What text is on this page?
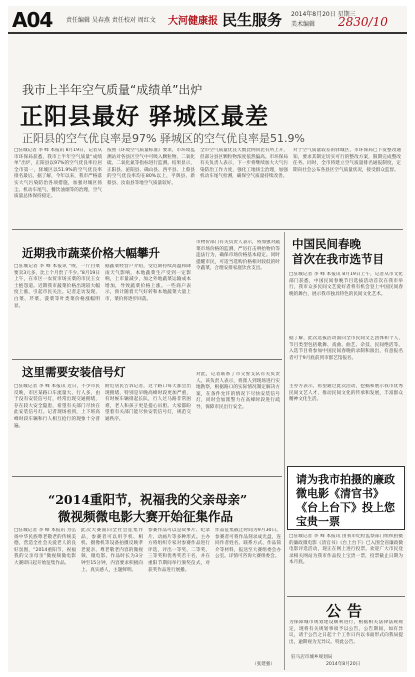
A04 责任编辑 吴春燕 责任校对 周红文 大河健康报 民生服务 2014年8月20日 星期三
美术编辑 2830/10
我市上半年空气质量“成绩单”出炉
正阳县最好 驿城区最差
正阳县的空气优良率是97% 驿城区的空气优良率是51.9%
□驻城记者 李 峰 本报讯 8月19日，记者从市环保局获悉，我市上半年空气质量“成绩单”出炉，正阳县以97%的空气优良率位居全市第一，驿城区以51.9%的空气优良率排名最后。据了解，今年以来，我市严格落实大气污染防治各项措施，加强对城区扬尘、机动车尾气、餐饮油烟等的治理，空气质量总体保持稳定。
按照《环境空气质量标准》要求，市环境监测站对各县区空气中可吸入颗粒物、二氧化硫、二氧化氮等指标进行监测。结果显示，正阳县、泌阳县、确山县、西平县、上蔡县的空气优良率均在80%以上，平舆县、新蔡县、汝南县等地空气质量较好。
全市空气质量优良天数比例同比有所上升，但部分县区颗粒物浓度依然偏高。市环保局有关负责人表示，下一步将继续加大大气污染防治工作力度，强化工地扬尘治理，加强机动车尾气检测，确保空气质量持续改善。
对于空气质量较差的驿城区，市环保局已下发整改通知，要求其制定切实可行的整改方案，限期完成整改任务。同时，全市将建立空气质量排名通报制度，定期向社会公布各县区空气质量状况，接受群众监督。
近期我市蔬菜价格大幅攀升
□驻城记者 李 峰 本报讯 “唉，一斤白菜要卖3元多，比上个月贵了不少。”8月19日上午，在市区一农贸市场买菜的市民王女士抱怨道。近期我市蔬菜价格出现较大幅度上涨，引起市民关注。记者走访发现，白菜、芹菜、菠菜等叶类菜价格涨幅明显。
据蔬菜经营户介绍，受近期持续高温和降雨天气影响，本地蔬菜生产受到一定影响，上市量减少，加之外地蔬菜运输成本增加，导致蔬菜价格上涨。一些商户表示，预计随着天气好转和本地蔬菜大量上市，菜价将逐步回落。
市物价部门有关负责人表示，将加强对蔬菜市场价格的监测，严厉打击哄抬物价等违法行为，确保市场价格基本稳定。同时提醒市民，可适当选购价格相对较低的时令蔬菜，合理安排家庭饮食支出。
中国民间春晚
首次在我市选节目
□驻城记者 李 峰 本报讯 8月19日上午，记者从市文化部门获悉，中国民间春晚节目选拔活动首次在我市举行，我市众多民间文艺爱好者将有机会登上中国民间春晚的舞台，展示我市独具特色的民间文化艺术。
据了解，此次选拔活动面向全市民间文艺团体和个人，节目类型包括歌舞、戏曲、曲艺、杂技、民间绝活等。入选节目将参加中国民间春晚的录制和演出，有意报名者可于9月底前到市群艺馆报名。
主办方表示，希望通过此次活动，挖掘和展示我市优秀民间文艺人才，推动民间文化的传承和发展，丰富群众精神文化生活。
这里需要安装信号灯
□驻城记者 李 峰 本报讯 近日，不少市民反映，市区某路口车流量大、行人多，由于没有安装信号灯，经常出现交通拥堵，存在较大安全隐患，希望有关部门尽快在此安装信号灯。记者现场看到，上下班高峰时段车辆和行人相互抢行的现象十分普遍。
附近居民告诉记者，这个路口每天都会出现拥堵，特别是早晚高峰时段更加严重，有时候车辆排起长队，行人过马路非常困难，老人和孩子更是提心吊胆。大家都盼望着有关部门能尽快安装信号灯，规范交通秩序。
对此，记者联系了市交警支队有关负责人。该负责人表示，将派人到现场进行实地勘察，根据路口的实际情况制定解决方案，在条件允许的情况下尽快安装信号灯，同时会加派警力在高峰时段进行疏导，保障市民出行安全。
请为我市拍摄的廉政微电影《清官书》《台上台下》投上您宝贵一票
□驻城记者 李 峰 本报讯 由我市纪检监察部门组织拍摄的廉政微电影《清官书》《台上台下》已入围全省廉政微电影评选活动，现正在网上进行投票。欢迎广大市民登录相关网站为我市作品投上宝贵一票，投票截止日期为本月底。
“2014重阳节，祝福我的父亲母亲”
微视频微电影大赛开始征集作品
□驻城记者 李 峰 本报讯 为弘扬中华民族尊老敬老的传统美德，营造全社会关爱老人的良好氛围，“2014重阳节，祝福我的父亲母亲”微视频微电影大赛即日起开始征集作品。
此次大赛面向全社会征集作品，参赛者可以用手机、相机、摄像机等设备拍摄反映孝老爱亲、尊老敬老内容的微视频、微电影。作品时长为3分钟至15分钟，内容要求积极向上、真实感人，主题鲜明。
参赛作品可以是故事片、纪录片、动画片等多种形式。主办方将组织专家对参赛作品进行评选，评出一等奖、二等奖、三等奖和优秀奖若干名，并在重阳节期间举行颁奖仪式，对获奖作品进行展播。
作品征集截止时间为9月30日。参赛者可将作品刻录成光盘，连同作者姓名、联系方式、作品简介等材料，报送至大赛组委会办公室。详情可咨询大赛组委会。
（张建强）
公告
为保障城市规划建设顺利进行，根据相关法律法规规定，现将有关规划事项予以公告。公告期间，如有异议，请于公告之日起十个工作日内以书面形式向我局提出，逾期视为无异议。特此公告。
驻马店市城乡规划局
2014年8月20日
